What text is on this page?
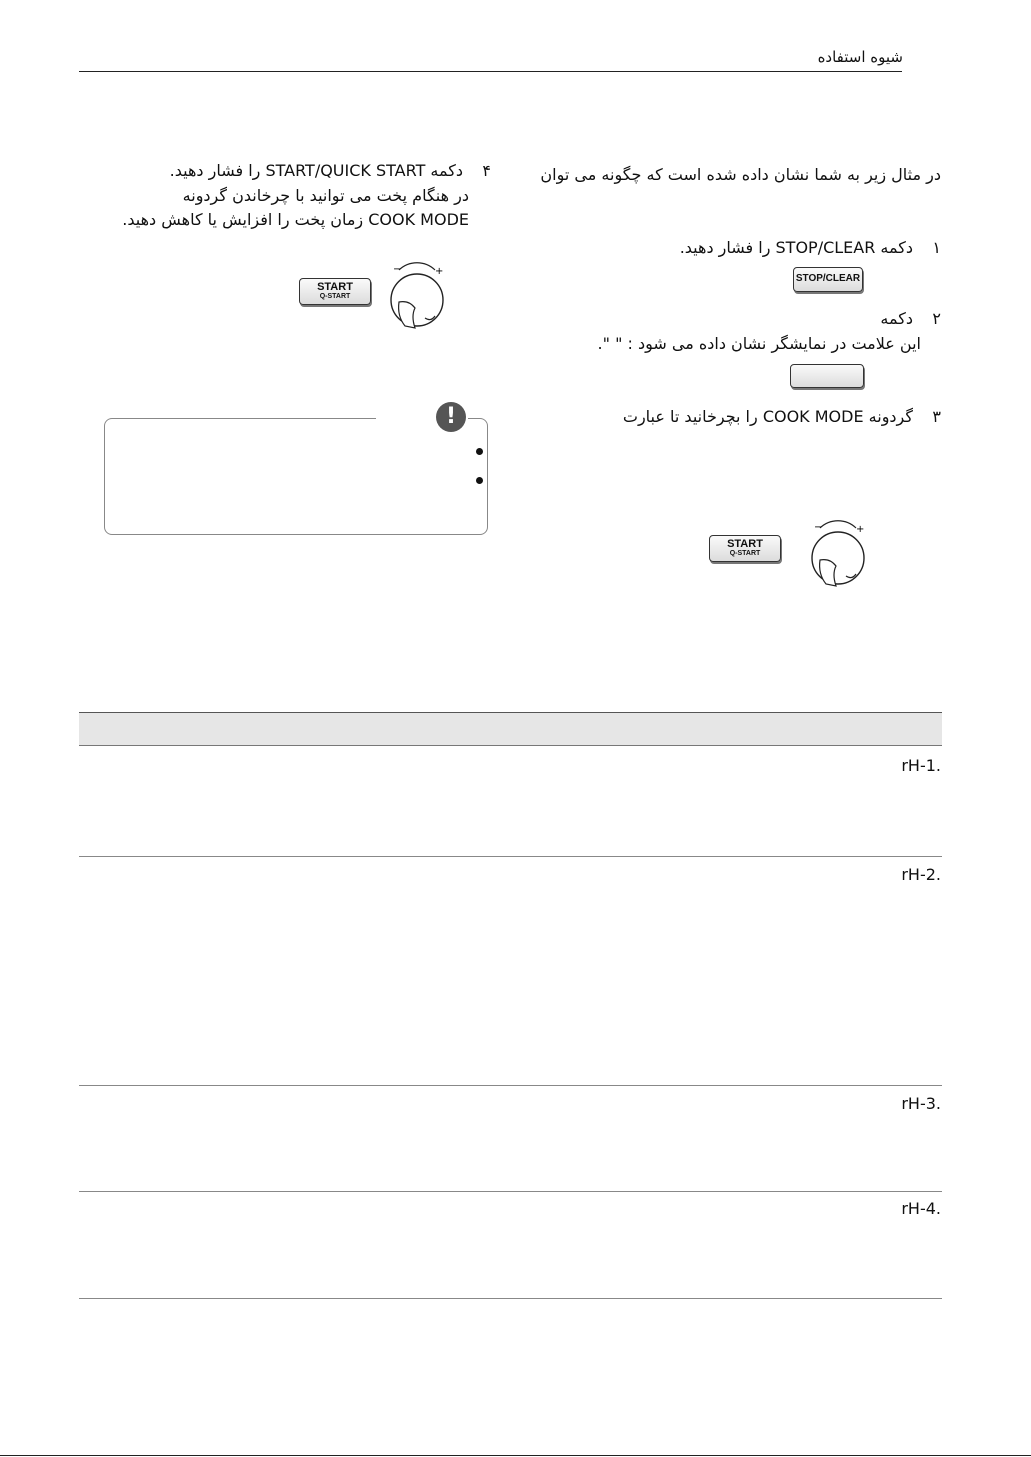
شیوه استفاده
در مثال زیر به شما نشان داده شده است که چگونه می توان
۱دکمه STOP/CLEAR را فشار دهید.
STOP/CLEAR
۲دکمه
این علامت در نمایشگر نشان داده می شود : " ".
۳گردونه COOK MODE را بچرخانید تا عبارت
START
Q-START
−	+
۴دکمه START/QUICK START را فشار دهید.
در هنگام پخت می توانید با چرخاندن گردونه
COOK MODE زمان پخت را افزایش یا کاهش دهید.
START
Q-START
−	+
!
rH-1.
rH-2.
rH-3.
rH-4.
